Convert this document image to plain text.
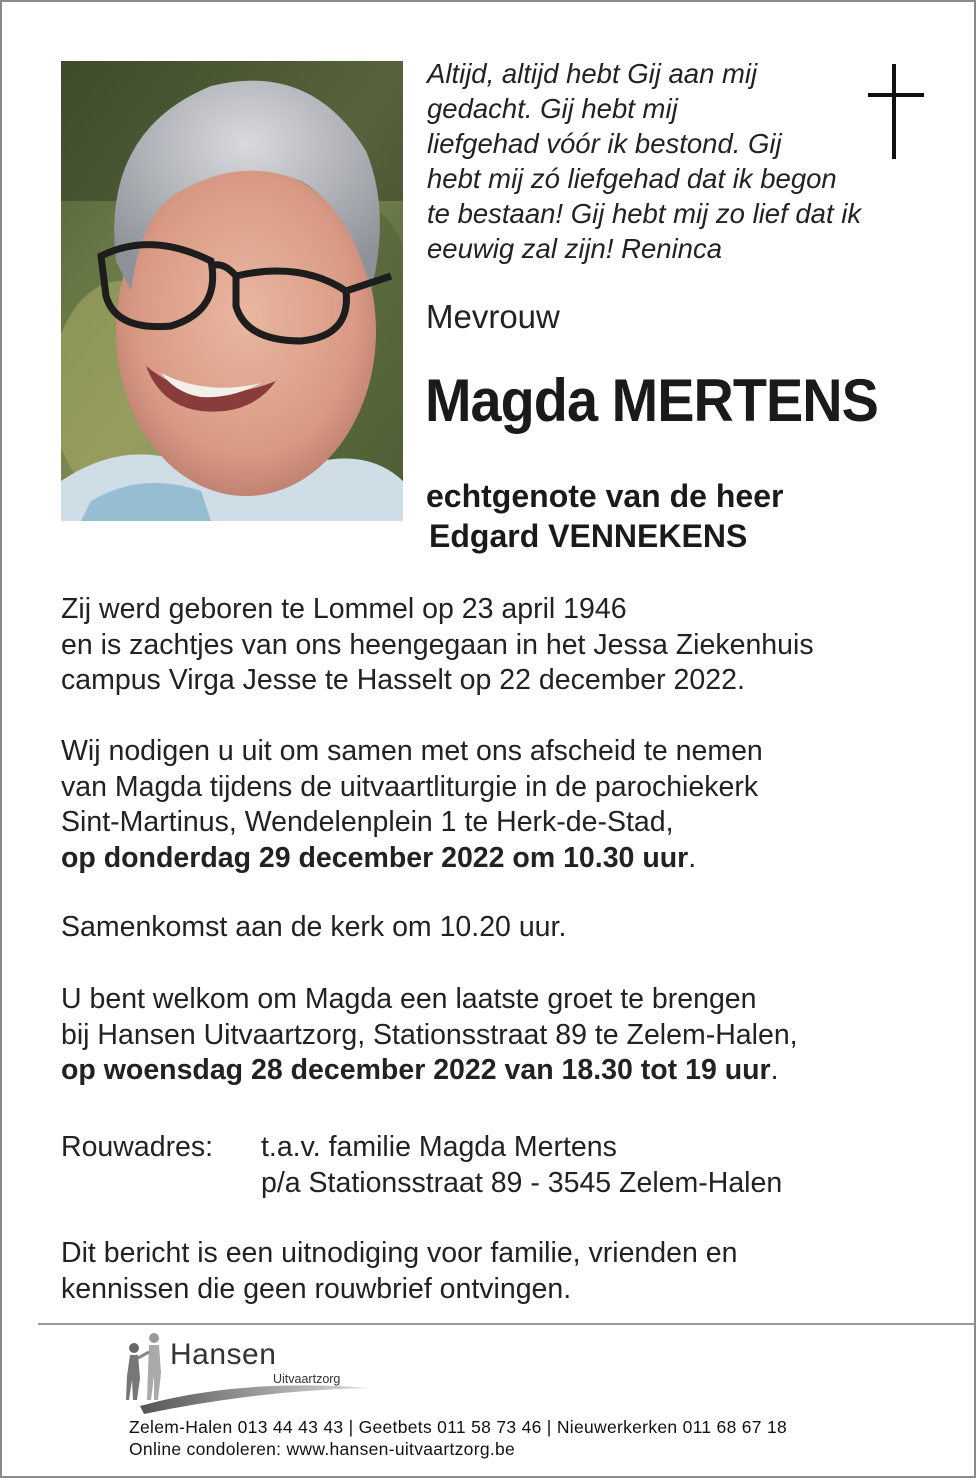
Altijd, altijd hebt Gij aan mij
gedacht. Gij hebt mij
liefgehad vóór ik bestond. Gij
hebt mij zó liefgehad dat ik begon
te bestaan! Gij hebt mij zo lief dat ik
eeuwig zal zijn! Reninca
Mevrouw
Magda MERTENS
echtgenote van de heer
Edgard VENNEKENS
Zij werd geboren te Lommel op 23 april 1946
en is zachtjes van ons heengegaan in het Jessa Ziekenhuis
campus Virga Jesse te Hasselt op 22 december 2022.
Wij nodigen u uit om samen met ons afscheid te nemen
van Magda tijdens de uitvaartliturgie in de parochiekerk
Sint-Martinus, Wendelenplein 1 te Herk-de-Stad,
op donderdag 29 december 2022 om 10.30 uur.
Samenkomst aan de kerk om 10.20 uur.
U bent welkom om Magda een laatste groet te brengen
bij Hansen Uitvaartzorg, Stationsstraat 89 te Zelem-Halen,
op woensdag 28 december 2022 van 18.30 tot 19 uur.
Rouwadres: t.a.v. familie Magda Mertens
p/a Stationsstraat 89 - 3545 Zelem-Halen
Dit bericht is een uitnodiging voor familie, vrienden en
kennissen die geen rouwbrief ontvingen.
Hansen
Uitvaartzorg
Zelem-Halen 013 44 43 43 | Geetbets 011 58 73 46 | Nieuwerkerken 011 68 67 18
Online condoleren: www.hansen-uitvaartzorg.be
